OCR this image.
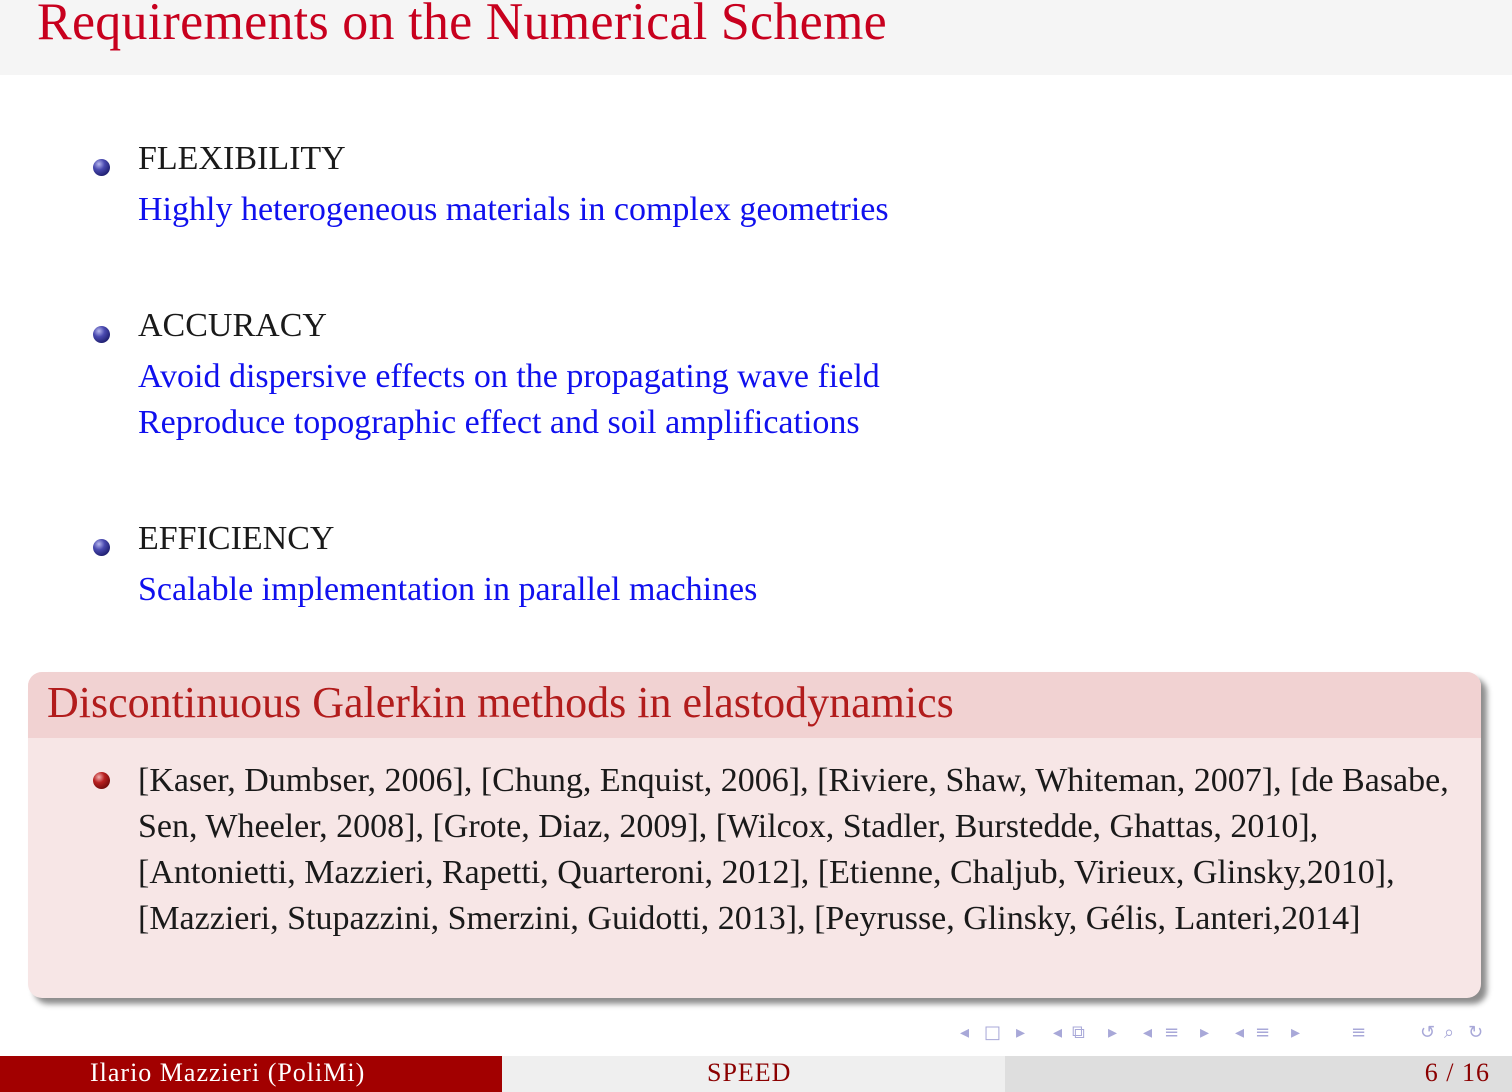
Requirements on the Numerical Scheme
FLEXIBILITY
Highly heterogeneous materials in complex geometries
ACCURACY
Avoid dispersive effects on the propagating wave field
Reproduce topographic effect and soil amplifications
EFFICIENCY
Scalable implementation in parallel machines
Discontinuous Galerkin methods in elastodynamics
[Kaser, Dumbser, 2006], [Chung, Enquist, 2006], [Riviere, Shaw, Whiteman, 2007], [de Basabe, Sen, Wheeler, 2008], [Grote, Diaz, 2009], [Wilcox, Stadler, Burstedde, Ghattas, 2010], [Antonietti, Mazzieri, Rapetti, Quarteroni, 2012], [Etienne, Chaljub, Virieux, Glinsky,2010], [Mazzieri, Stupazzini, Smerzini, Guidotti, 2013], [Peyrusse, Glinsky, Gélis, Lanteri,2014]
◂ □ ▸ ◂ ⧉ ▸ ◂ ≡ ▸ ◂ ≡ ▸	≡	↺ ⌕ ↻
Ilario Mazzieri (PoliMi)	SPEED	6 / 16
